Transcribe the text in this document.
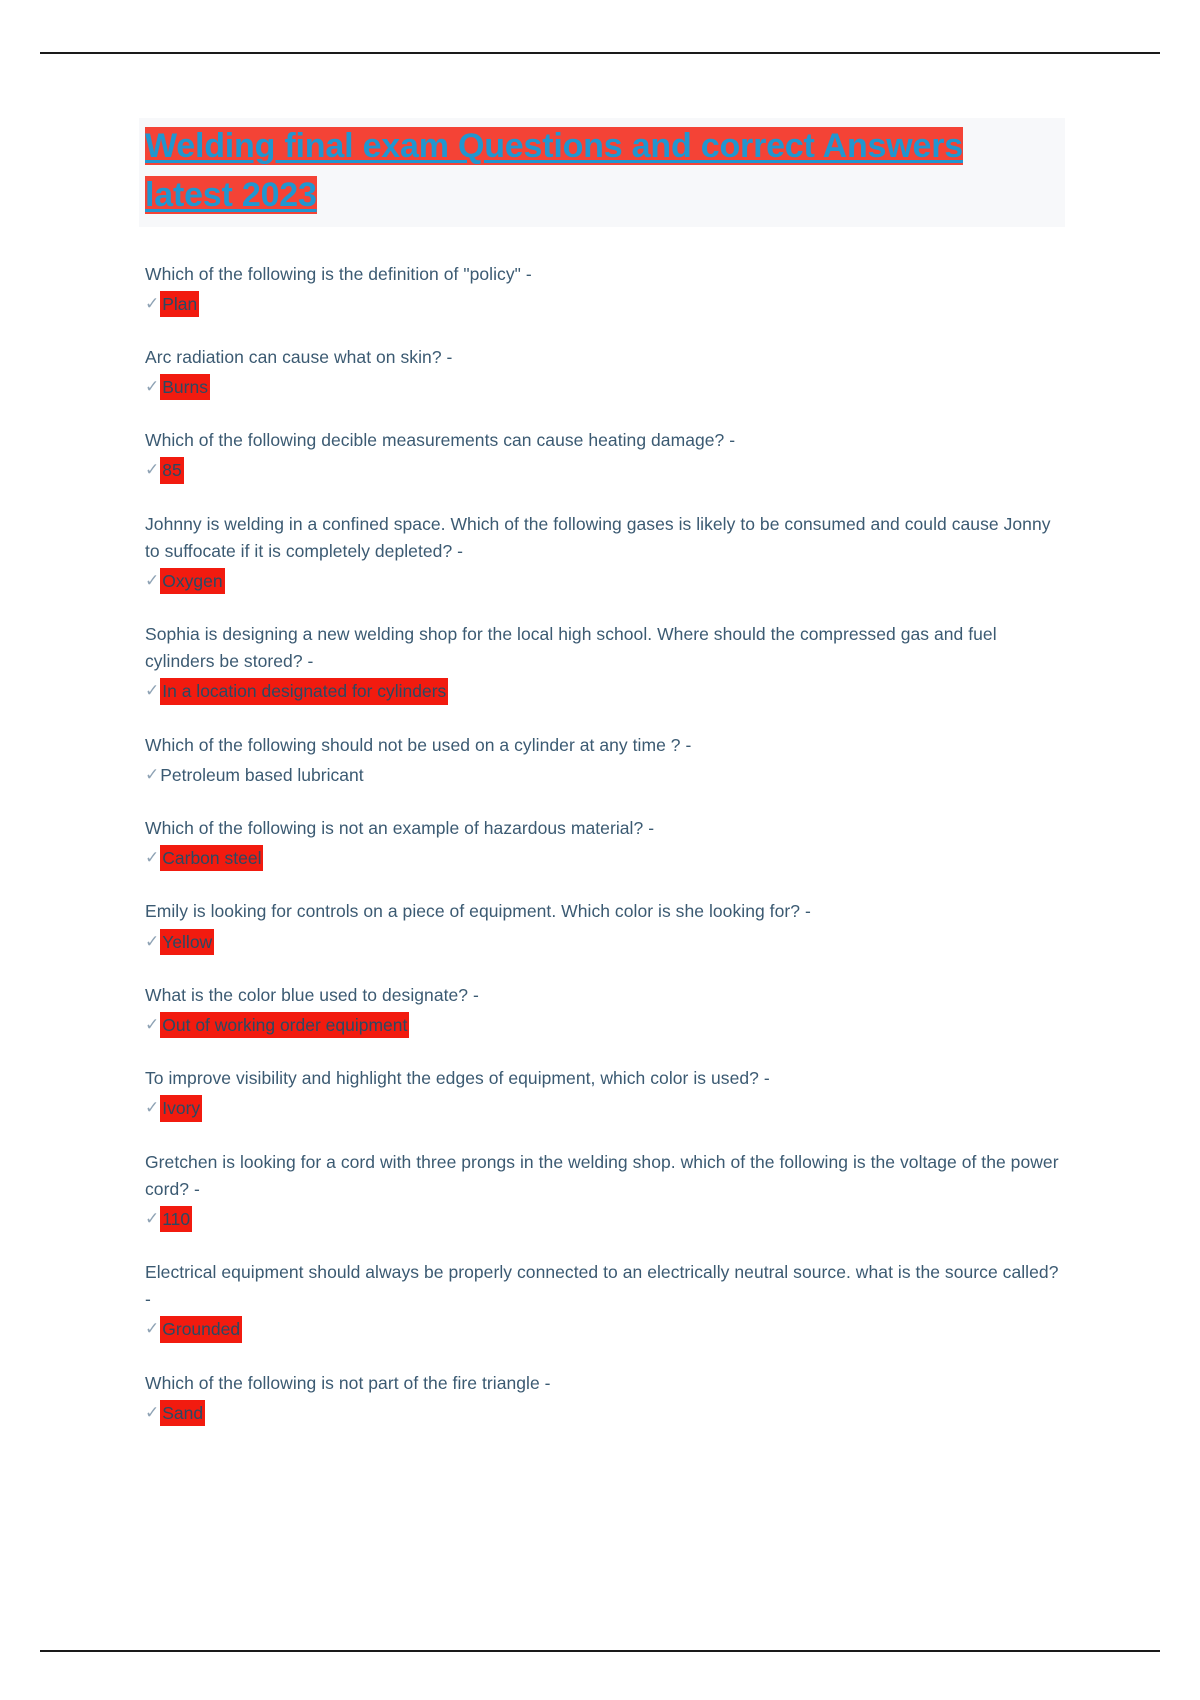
Welding final exam Questions and correct Answers latest 2023

Which of the following is the definition of "policy" -

✓ Plan

Arc radiation can cause what on skin? -

✓ Burns

Which of the following decible measurements can cause heating damage? -

✓ 85

Johnny is welding in a confined space. Which of the following gases is likely to be consumed and could cause Jonny to suffocate if it is completely depleted? -

✓ Oxygen

Sophia is designing a new welding shop for the local high school. Where should the compressed gas and fuel cylinders be stored? -

✓ In a location designated for cylinders

Which of the following should not be used on a cylinder at any time ? -

✓ Petroleum based lubricant

Which of the following is not an example of hazardous material? -

✓ Carbon steel

Emily is looking for controls on a piece of equipment. Which color is she looking for? -

✓ Yellow

What is the color blue used to designate? -

✓ Out of working order equipment

To improve visibility and highlight the edges of equipment, which color is used? -

✓ Ivory

Gretchen is looking for a cord with three prongs in the welding shop. which of the following is the voltage of the power cord? -

✓ 110

Electrical equipment should always be properly connected to an electrically neutral source. what is the source called? -

✓ Grounded

Which of the following is not part of the fire triangle -

✓ Sand
